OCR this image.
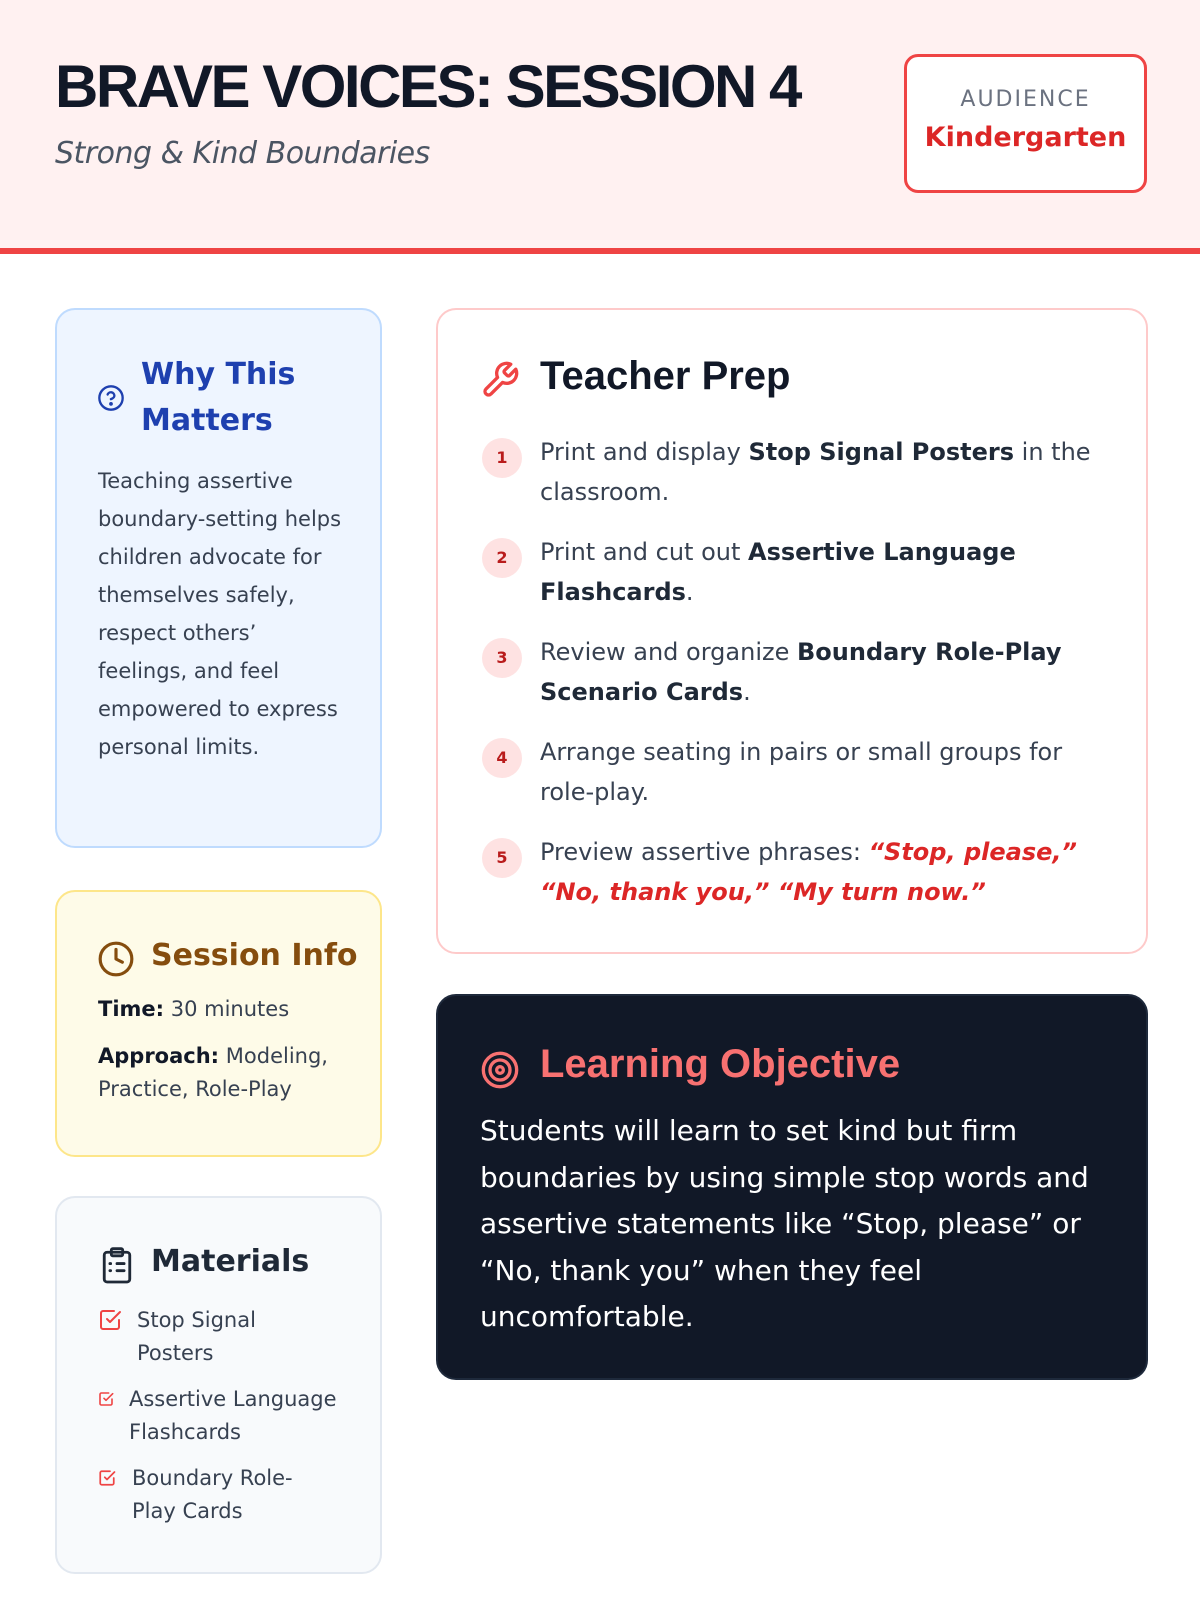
BRAVE VOICES: SESSION 4
Strong & Kind Boundaries
AUDIENCE
Kindergarten
Why This Matters
Teaching assertive boundary-setting helps children advocate for themselves safely, respect others’ feelings, and feel empowered to express personal limits.
Session Info
Time: 30 minutes
Approach: Modeling, Practice, Role-Play
Materials
Stop Signal Posters
Assertive Language Flashcards
Boundary Role-Play Cards
Teacher Prep
1	Print and display Stop Signal Posters in the classroom.
2	Print and cut out Assertive Language Flashcards.
3	Review and organize Boundary Role-Play Scenario Cards.
4	Arrange seating in pairs or small groups for role-play.
5	Preview assertive phrases: “Stop, please,” “No, thank you,” “My turn now.”
Learning Objective
Students will learn to set kind but firm boundaries by using simple stop words and assertive statements like “Stop, please” or “No, thank you” when they feel uncomfortable.
